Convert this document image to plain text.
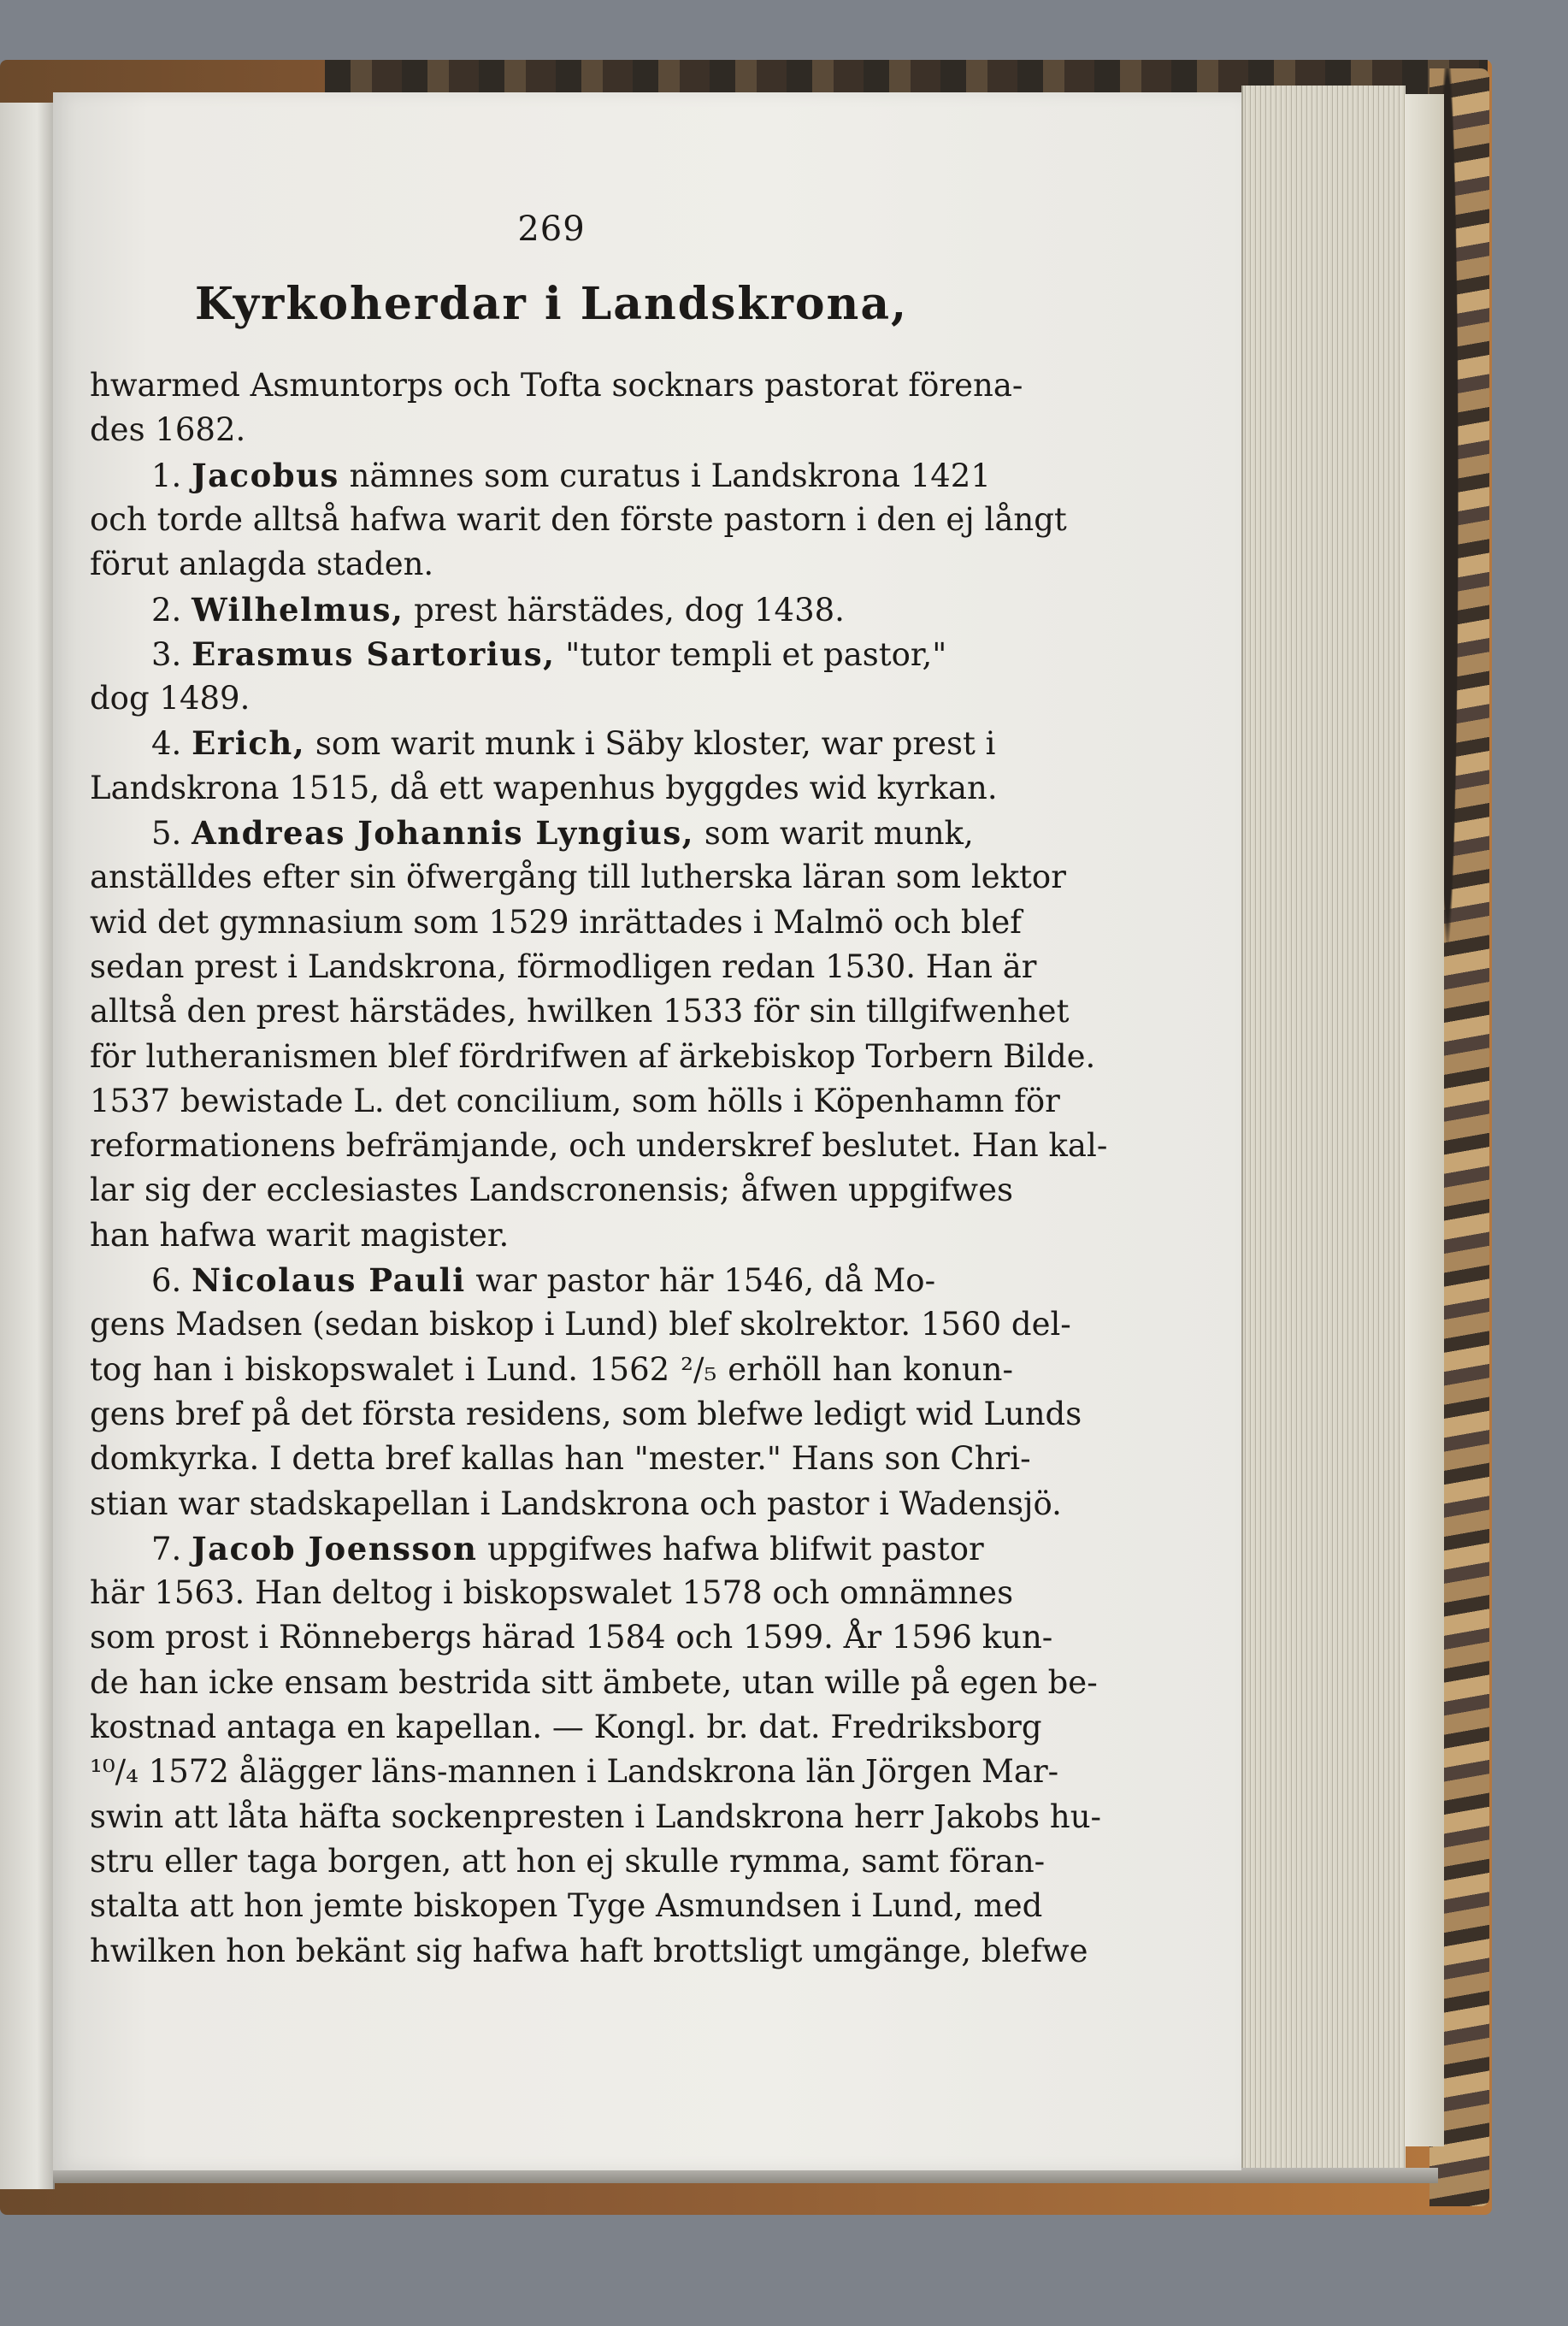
269
Kyrkoherdar i Landskrona,
hwarmed Asmuntorps och Tofta socknars pastorat förena-
des 1682.
1. Jacobus nämnes som curatus i Landskrona 1421
och torde alltså hafwa warit den förste pastorn i den ej långt
förut anlagda staden.
2. Wilhelmus, prest härstädes, dog 1438.
3. Erasmus Sartorius, "tutor templi et pastor,"
dog 1489.
4. Erich, som warit munk i Säby kloster, war prest i
Landskrona 1515, då ett wapenhus byggdes wid kyrkan.
5. Andreas Johannis Lyngius, som warit munk,
anställdes efter sin öfwergång till lutherska läran som lektor
wid det gymnasium som 1529 inrättades i Malmö och blef
sedan prest i Landskrona, förmodligen redan 1530. Han är
alltså den prest härstädes, hwilken 1533 för sin tillgifwenhet
för lutheranismen blef fördrifwen af ärkebiskop Torbern Bilde.
1537 bewistade L. det concilium, som hölls i Köpenhamn för
reformationens befrämjande, och underskref beslutet. Han kal-
lar sig der ecclesiastes Landscronensis; åfwen uppgifwes
han hafwa warit magister.
6. Nicolaus Pauli war pastor här 1546, då Mo-
gens Madsen (sedan biskop i Lund) blef skolrektor. 1560 del-
tog han i biskopswalet i Lund. 1562 ²/₅ erhöll han konun-
gens bref på det första residens, som blefwe ledigt wid Lunds
domkyrka. I detta bref kallas han "mester." Hans son Chri-
stian war stadskapellan i Landskrona och pastor i Wadensjö.
7. Jacob Joensson uppgifwes hafwa blifwit pastor
här 1563. Han deltog i biskopswalet 1578 och omnämnes
som prost i Rönnebergs härad 1584 och 1599. År 1596 kun-
de han icke ensam bestrida sitt ämbete, utan wille på egen be-
kostnad antaga en kapellan. — Kongl. br. dat. Fredriksborg
¹⁰/₄ 1572 ålägger läns-mannen i Landskrona län Jörgen Mar-
swin att låta häfta sockenpresten i Landskrona herr Jakobs hu-
stru eller taga borgen, att hon ej skulle rymma, samt föran-
stalta att hon jemte biskopen Tyge Asmundsen i Lund, med
hwilken hon bekänt sig hafwa haft brottsligt umgänge, blefwe
